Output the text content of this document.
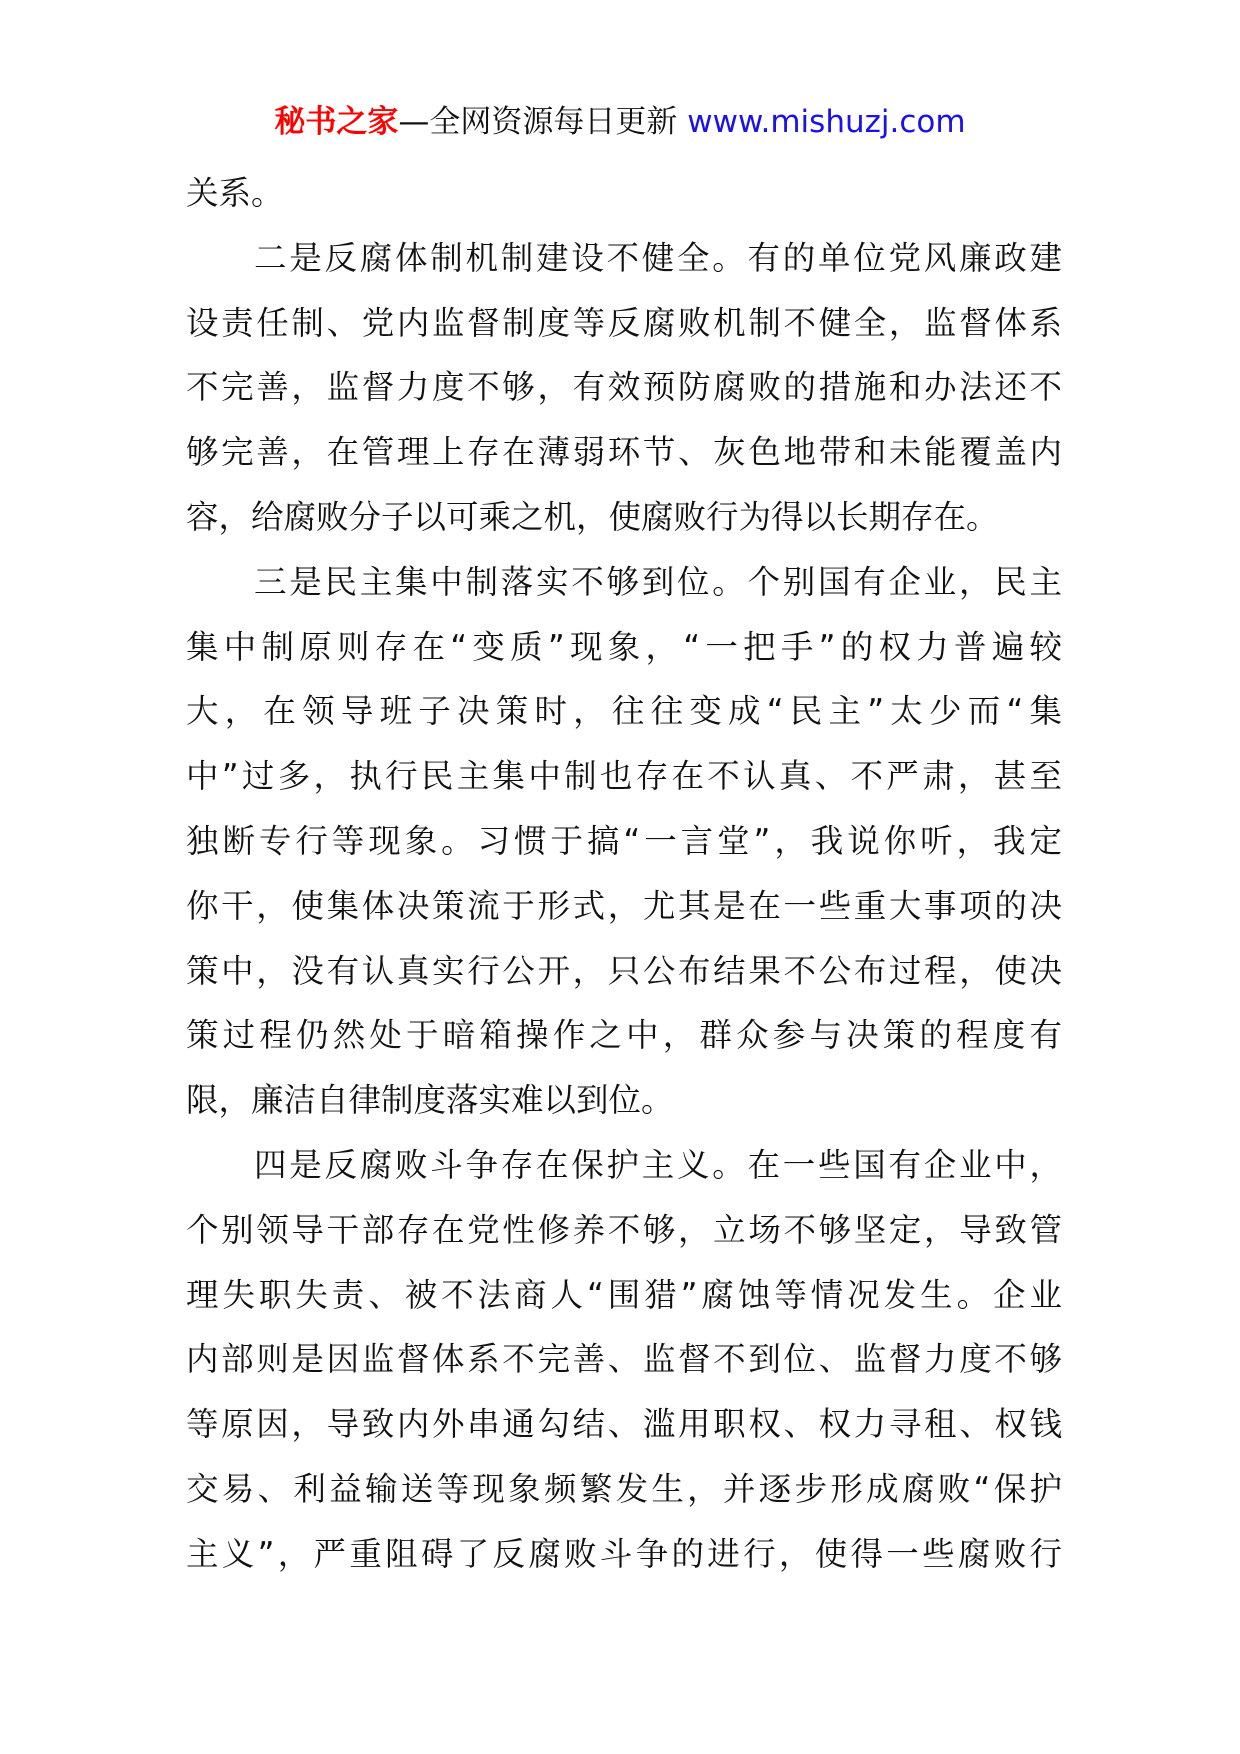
秘书之家—全网资源每日更新 www.mishuzj.com
关系。
二是反腐体制机制建设不健全。有的单位党风廉政建
设责任制、党内监督制度等反腐败机制不健全，监督体系
不完善，监督力度不够，有效预防腐败的措施和办法还不
够完善，在管理上存在薄弱环节、灰色地带和未能覆盖内
容，给腐败分子以可乘之机，使腐败行为得以长期存在。
三是民主集中制落实不够到位。个别国有企业，民主
集中制原则存在“变质”现象，“一把手”的权力普遍较
大，在领导班子决策时，往往变成“民主”太少而“集
中”过多，执行民主集中制也存在不认真、不严肃，甚至
独断专行等现象。习惯于搞“一言堂”，我说你听，我定
你干，使集体决策流于形式，尤其是在一些重大事项的决
策中，没有认真实行公开，只公布结果不公布过程，使决
策过程仍然处于暗箱操作之中，群众参与决策的程度有
限，廉洁自律制度落实难以到位。
四是反腐败斗争存在保护主义。在一些国有企业中，
个别领导干部存在党性修养不够，立场不够坚定，导致管
理失职失责、被不法商人“围猎”腐蚀等情况发生。企业
内部则是因监督体系不完善、监督不到位、监督力度不够
等原因，导致内外串通勾结、滥用职权、权力寻租、权钱
交易、利益输送等现象频繁发生，并逐步形成腐败“保护
主义”，严重阻碍了反腐败斗争的进行，使得一些腐败行
